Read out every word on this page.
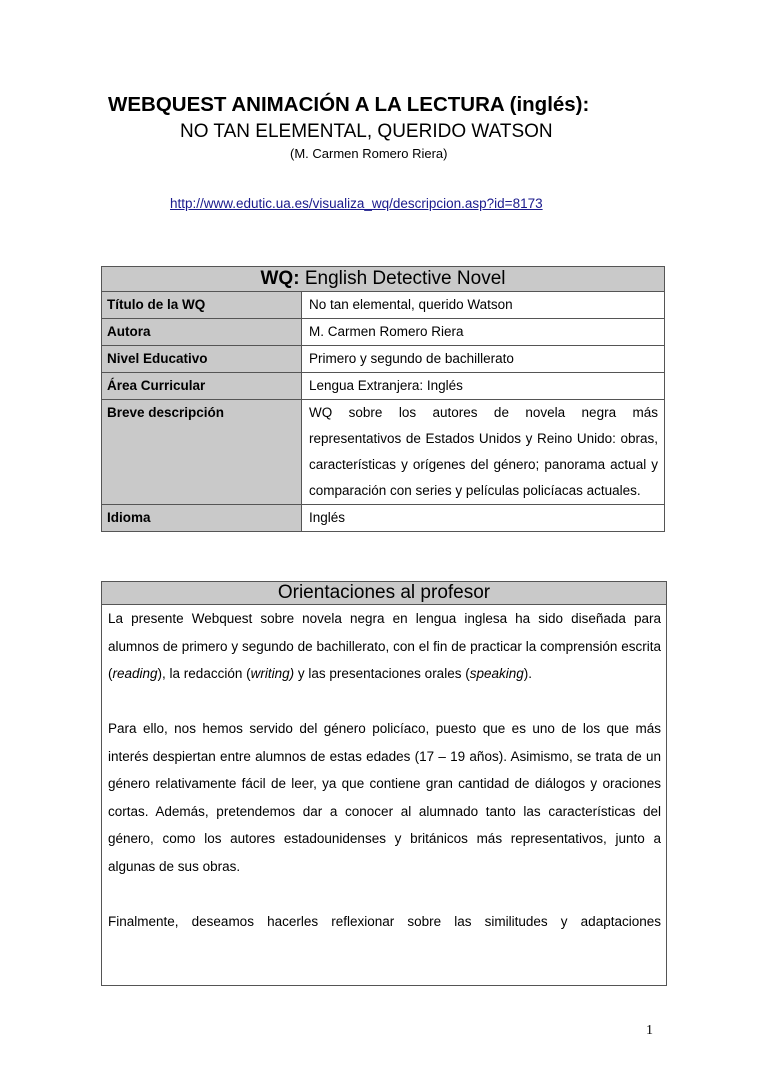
WEBQUEST ANIMACIÓN A LA LECTURA (inglés):
NO TAN ELEMENTAL, QUERIDO WATSON
(M. Carmen Romero Riera)
http://www.edutic.ua.es/visualiza_wq/descripcion.asp?id=8173
WQ: English Detective Novel	
Título de la WQ	No tan elemental, querido Watson
Autora	M. Carmen Romero Riera
Nivel Educativo	Primero y segundo de bachillerato
Área Curricular	Lengua Extranjera: Inglés
Breve descripción	WQ sobre los autores de novela negra más representativos de Estados Unidos y Reino Unido: obras, características y orígenes del género; panorama actual y comparación con series y películas policíacas actuales.
Idioma	Inglés
Orientaciones al profesor

La presente Webquest sobre novela negra en lengua inglesa ha sido diseñada para alumnos de primero y segundo de bachillerato, con el fin de practicar la comprensión escrita (reading), la redacción (writing) y las presentaciones orales (speaking).

Para ello, nos hemos servido del género policíaco, puesto que es uno de los que más interés despiertan entre alumnos de estas edades (17 – 19 años). Asimismo, se trata de un género relativamente fácil de leer, ya que contiene gran cantidad de diálogos y oraciones cortas. Además, pretendemos dar a conocer al alumnado tanto las características del género, como los autores estadounidenses y británicos más representativos, junto a algunas de sus obras.

Finalmente, deseamos hacerles reflexionar sobre las similitudes y adaptaciones

1
